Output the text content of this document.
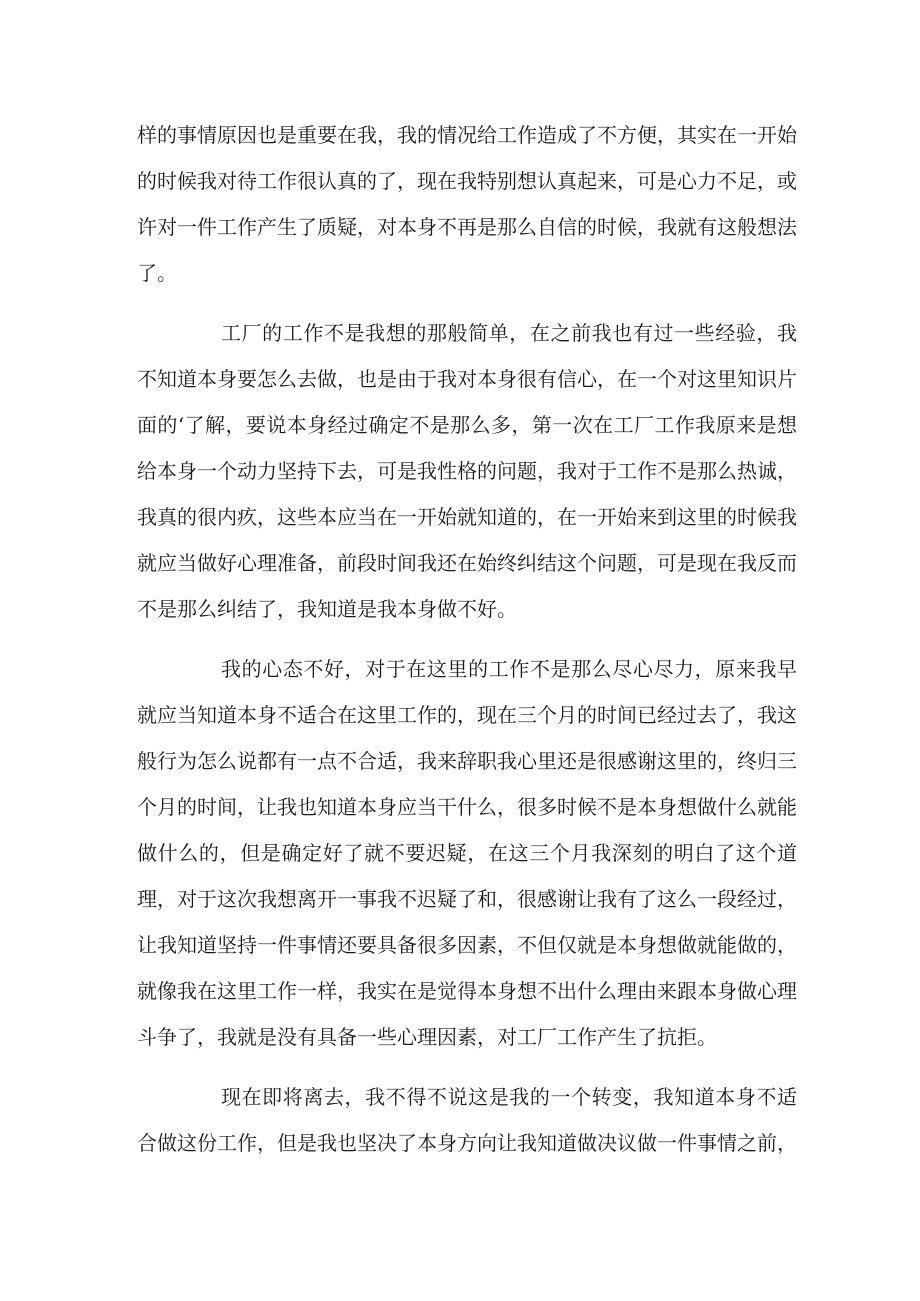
样的事情原因也是重要在我，我的情况给工作造成了不方便，其实在一开始的时候我对待工作很认真的了，现在我特别想认真起来，可是心力不足，或许对一件工作产生了质疑，对本身不再是那么自信的时候，我就有这般想法了。

工厂的工作不是我想的那般简单，在之前我也有过一些经验，我不知道本身要怎么去做，也是由于我对本身很有信心，在一个对这里知识片面的‘了解，要说本身经过确定不是那么多，第一次在工厂工作我原来是想给本身一个动力坚持下去，可是我性格的问题，我对于工作不是那么热诚，我真的很内疚，这些本应当在一开始就知道的，在一开始来到这里的时候我就应当做好心理准备，前段时间我还在始终纠结这个问题，可是现在我反而不是那么纠结了，我知道是我本身做不好。

我的心态不好，对于在这里的工作不是那么尽心尽力，原来我早就应当知道本身不适合在这里工作的，现在三个月的时间已经过去了，我这般行为怎么说都有一点不合适，我来辞职我心里还是很感谢这里的，终归三个月的时间，让我也知道本身应当干什么，很多时候不是本身想做什么就能做什么的，但是确定好了就不要迟疑，在这三个月我深刻的明白了这个道理，对于这次我想离开一事我不迟疑了和，很感谢让我有了这么一段经过，让我知道坚持一件事情还要具备很多因素，不但仅就是本身想做就能做的，就像我在这里工作一样，我实在是觉得本身想不出什么理由来跟本身做心理斗争了，我就是没有具备一些心理因素，对工厂工作产生了抗拒。

现在即将离去，我不得不说这是我的一个转变，我知道本身不适合做这份工作，但是我也坚决了本身方向让我知道做决议做一件事情之前，
